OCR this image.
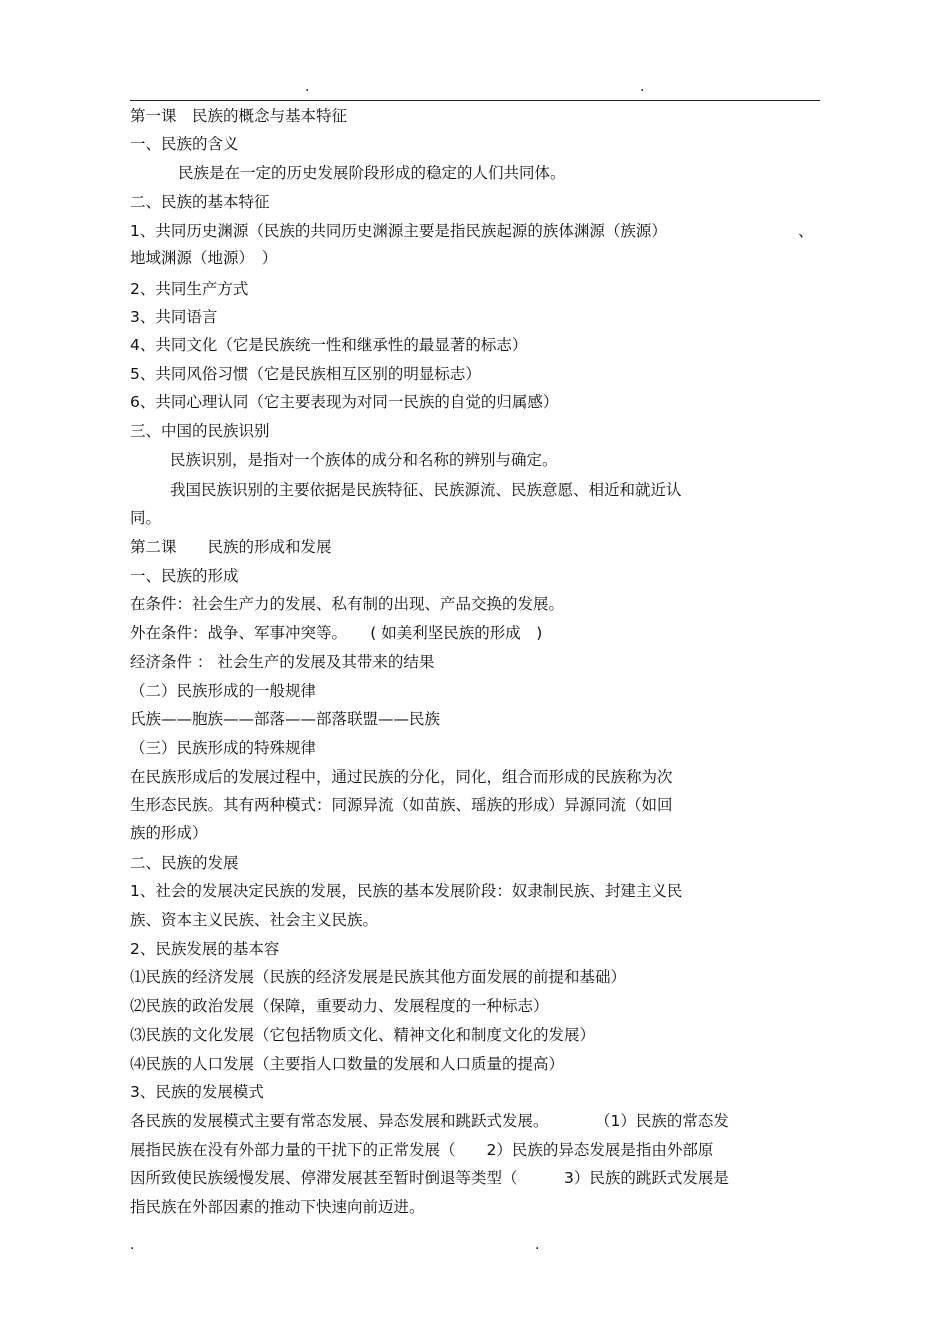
.	.
第一课　民族的概念与基本特征
一、民族的含义
民族是在一定的历史发展阶段形成的稳定的人们共同体。
二、民族的基本特征
1、共同历史渊源（民族的共同历史渊源主要是指民族起源的族体渊源（族源）	、
地域渊源（地源）　）
2、共同生产方式
3、共同语言
4、共同文化（它是民族统一性和继承性的最显著的标志）
5、共同风俗习惯（它是民族相互区别的明显标志）
6、共同心理认同（它主要表现为对同一民族的自觉的归属感）
三、中国的民族识别
民族识别，是指对一个族体的成分和名称的辨别与确定。
我国民族识别的主要依据是民族特征、民族源流、民族意愿、相近和就近认
同。
第二课　　民族的形成和发展
一、民族的形成
在条件：社会生产力的发展、私有制的出现、产品交换的发展。
外在条件：战争、军事冲突等。　　( 如美利坚民族的形成　)
经济条件 ： 社会生产的发展及其带来的结果
（二）民族形成的一般规律
氏族——胞族——部落——部落联盟——民族
（三）民族形成的特殊规律
在民族形成后的发展过程中，通过民族的分化，同化，组合而形成的民族称为次
生形态民族。其有两种模式：同源异流（如苗族、瑶族的形成）异源同流（如回
族的形成）
二、民族的发展
1、社会的发展决定民族的发展，民族的基本发展阶段：奴隶制民族、封建主义民
族、资本主义民族、社会主义民族。
2、民族发展的基本容
⑴民族的经济发展（民族的经济发展是民族其他方面发展的前提和基础）
⑵民族的政治发展（保障，重要动力、发展程度的一种标志）
⑶民族的文化发展（它包括物质文化、精神文化和制度文化的发展）
⑷民族的人口发展（主要指人口数量的发展和人口质量的提高）
3、民族的发展模式
各民族的发展模式主要有常态发展、异态发展和跳跃式发展。　　　　（1）民族的常态发
展指民族在没有外部力量的干扰下的正常发展（　　2）民族的异态发展是指由外部原
因所致使民族缓慢发展、停滞发展甚至暂时倒退等类型（　　　3）民族的跳跃式发展是
指民族在外部因素的推动下快速向前迈进。
.	.
